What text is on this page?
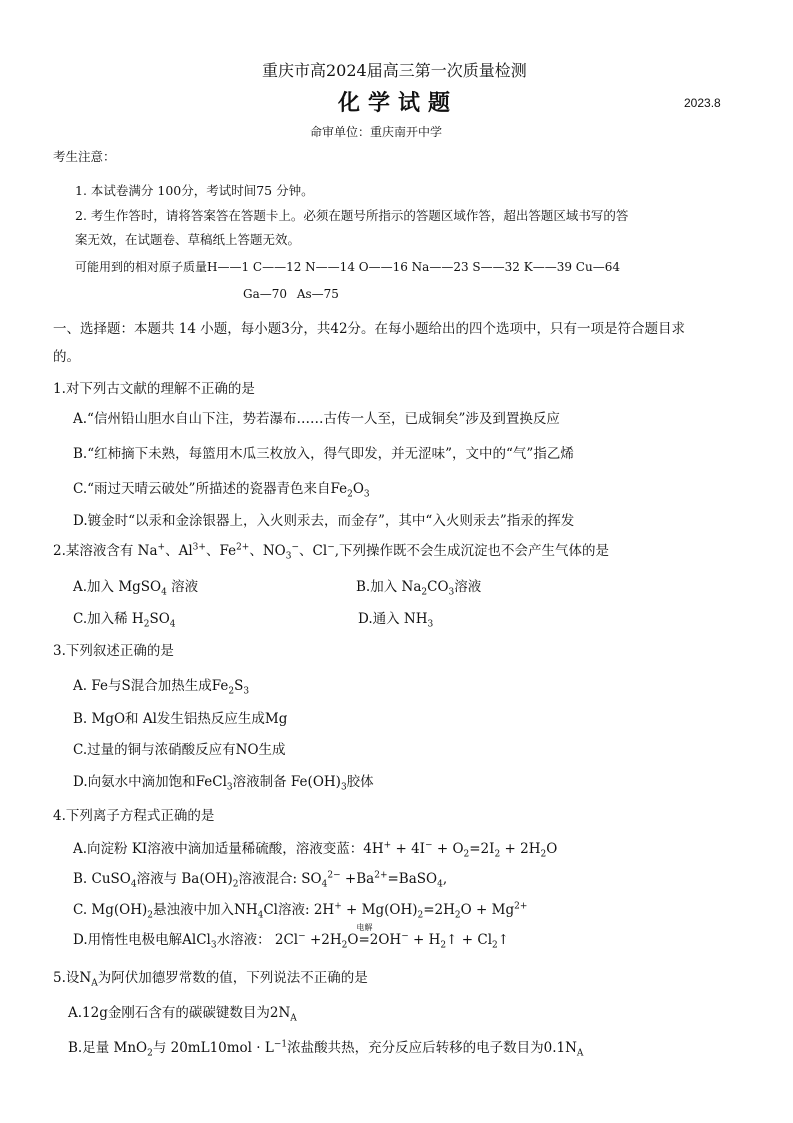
重庆市高2024届高三第一次质量检测
化学试题	2023.8
命审单位：重庆南开中学
考生注意：
1. 本试卷满分 100分，考试时间75 分钟。
2. 考生作答时，请将答案答在答题卡上。必须在题号所指示的答题区域作答，超出答题区域书写的答
案无效，在试题卷、草稿纸上答题无效。
可能用到的相对原子质量H——1 C——12 N——14 O——16 Na——23 S——32 K——39 Cu—64
Ga—70 As—75
一、选择题：本题共 14 小题，每小题3分，共42分。在每小题给出的四个选项中，只有一项是符合题目求
的。
1.对下列古文献的理解不正确的是
A.“信州铅山胆水自山下注，势若瀑布……古传一人至，已成铜矣”涉及到置换反应
B.“红柿摘下未熟，每篮用木瓜三枚放入，得气即发，并无涩味”，文中的“气”指乙烯
C.“雨过天晴云破处”所描述的瓷器青色来自$Fe_2O_3$
D.镀金时“以汞和金涂银器上，入火则汞去，而金存”，其中“入火则汞去”指汞的挥发
2.某溶液含有 Na+、$Al^{3+}$、$Fe^{2+}$、$NO_3^-$、Cl−,下列操作既不会生成沉淀也不会产生气体的是
A.加入 MgSO$_4$ 溶液	B.加入 $Na_2CO_3$溶液
C.加入稀 $H_2SO_4$	D.通入 $NH_3$
3.下列叙述正确的是
A. Fe与S混合加热生成$Fe_2S_3$
B. MgO和 Al发生铝热反应生成Mg
C.过量的铜与浓硝酸反应有NO生成
D.向氨水中滴加饱和FeCl$_3$溶液制备 $Fe(OH)_3$胶体
4.下列离子方程式正确的是
A.向淀粉 KI溶液中滴加适量稀硫酸，溶液变蓝：$4H^+ + 4I^- + O_2=2I_2 + 2H_2O$
B. CuSO$_4$溶液与 $Ba(OH)_2$溶液混合: $SO_4^{2-}$ $+Ba^{2+}=BaSO_4$,
C. $Mg(OH)_2$悬浊液中加入$NH_4Cl$溶液: $2H^+ + Mg(OH)_2=2H_2O + Mg^{2+}$
D.用惰性电极电解AlCl$_3$水溶液： $2Cl^- +2H_2O$
电解
$=2OH^- + H_2↑$ + $Cl_2↑$
5.设$N_A$为阿伏加德罗常数的值，下列说法不正确的是
A.12g金刚石含有的碳碳键数目为$2N_A$
B.足量 MnO$_2$与 $20mL10mol \cdot L^{-1}$浓盐酸共热，充分反应后转移的电子数目为$0.1N_A$
